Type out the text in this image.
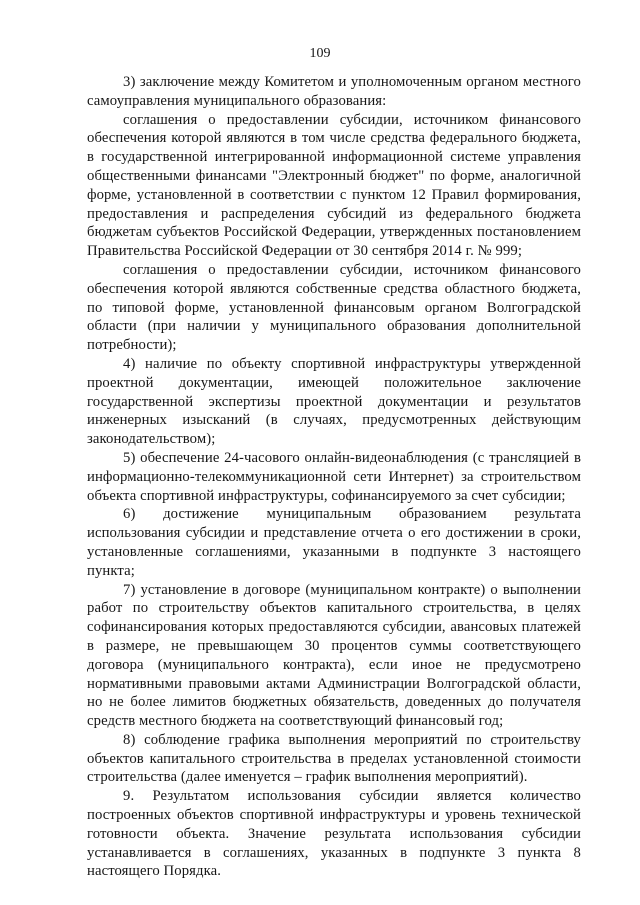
109

3) заключение между Комитетом и уполномоченным органом местного самоуправления муниципального образования:

соглашения о предоставлении субсидии, источником финансового обеспечения которой являются в том числе средства федерального бюджета, в государственной интегрированной информационной системе управления общественными финансами "Электронный бюджет" по форме, аналогичной форме, установленной в соответствии с пунктом 12 Правил формирования, предоставления и распределения субсидий из федерального бюджета бюджетам субъектов Российской Федерации, утвержденных постановлением Правительства Российской Федерации от 30 сентября 2014 г. № 999;

соглашения о предоставлении субсидии, источником финансового обеспечения которой являются собственные средства областного бюджета, по типовой форме, установленной финансовым органом Волгоградской области (при наличии у муниципального образования дополнительной потребности);

4) наличие по объекту спортивной инфраструктуры утвержденной проектной документации, имеющей положительное заключение государственной экспертизы проектной документации и результатов инженерных изысканий (в случаях, предусмотренных действующим законодательством);

5) обеспечение 24-часового онлайн-видеонаблюдения (с трансляцией в информационно-телекоммуникационной сети Интернет) за строительством объекта спортивной инфраструктуры, софинансируемого за счет субсидии;

6) достижение муниципальным образованием результата использования субсидии и представление отчета о его достижении в сроки, установленные соглашениями, указанными в подпункте 3 настоящего пункта;

7) установление в договоре (муниципальном контракте) о выполнении работ по строительству объектов капитального строительства, в целях софинансирования которых предоставляются субсидии, авансовых платежей в размере, не превышающем 30 процентов суммы соответствующего договора (муниципального контракта), если иное не предусмотрено нормативными правовыми актами Администрации Волгоградской области, но не более лимитов бюджетных обязательств, доведенных до получателя средств местного бюджета на соответствующий финансовый год;

8) соблюдение графика выполнения мероприятий по строительству объектов капитального строительства в пределах установленной стоимости строительства (далее именуется – график выполнения мероприятий).

9. Результатом использования субсидии является количество построенных объектов спортивной инфраструктуры и уровень технической готовности объекта. Значение результата использования субсидии устанавливается в соглашениях, указанных в подпункте 3 пункта 8 настоящего Порядка.
